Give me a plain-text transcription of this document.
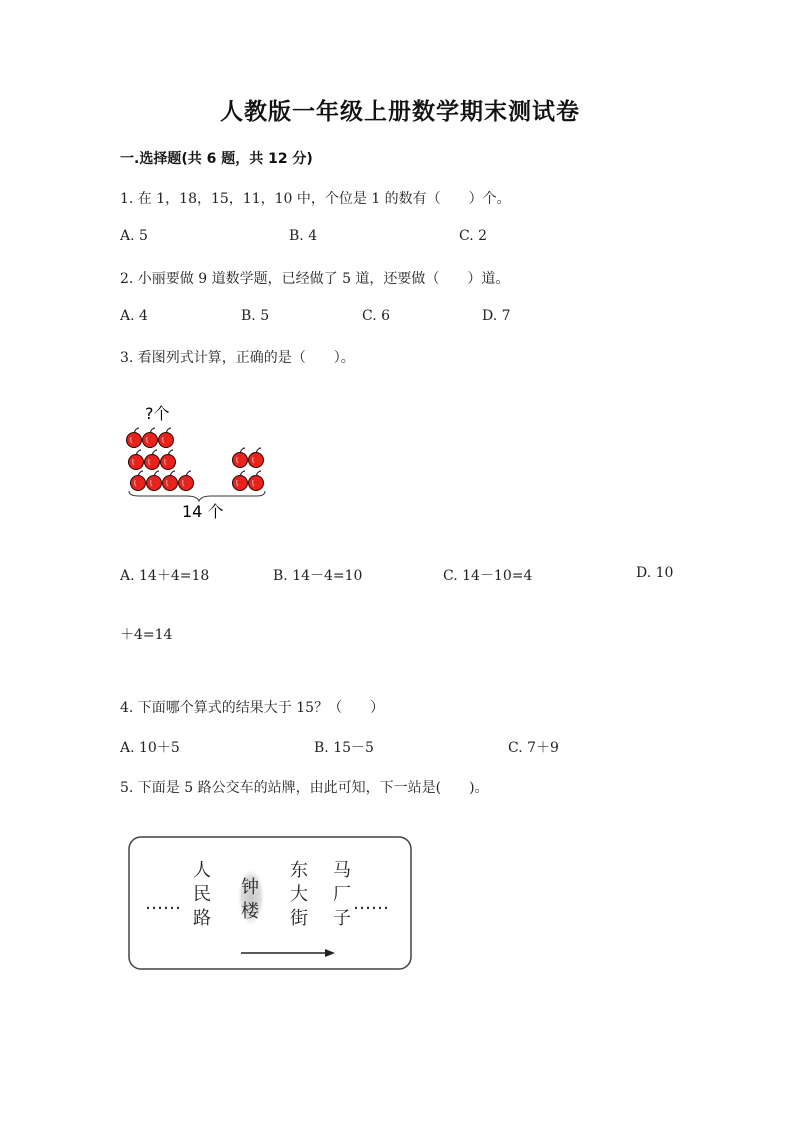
人教版一年级上册数学期末测试卷
一.选择题(共 6 题，共 12 分)
1. 在 1，18，15，11，10 中，个位是 1 的数有（　　）个。
A. 5	B. 4	C. 2
2. 小丽要做 9 道数学题，已经做了 5 道，还要做（　　）道。
A. 4	B. 5	C. 6	D. 7
3. 看图列式计算，正确的是（　　）。
?个
14 个
A. 14＋4=18	B. 14－4=10	C. 14－10=4	D. 10
＋4=14
4. 下面哪个算式的结果大于 15？（　　）
A. 10＋5	B. 15－5	C. 7＋9
5. 下面是 5 路公交车的站牌，由此可知，下一站是(　　)。
……
人
民
路
钟
楼
东
大
街
马
厂
子
……
